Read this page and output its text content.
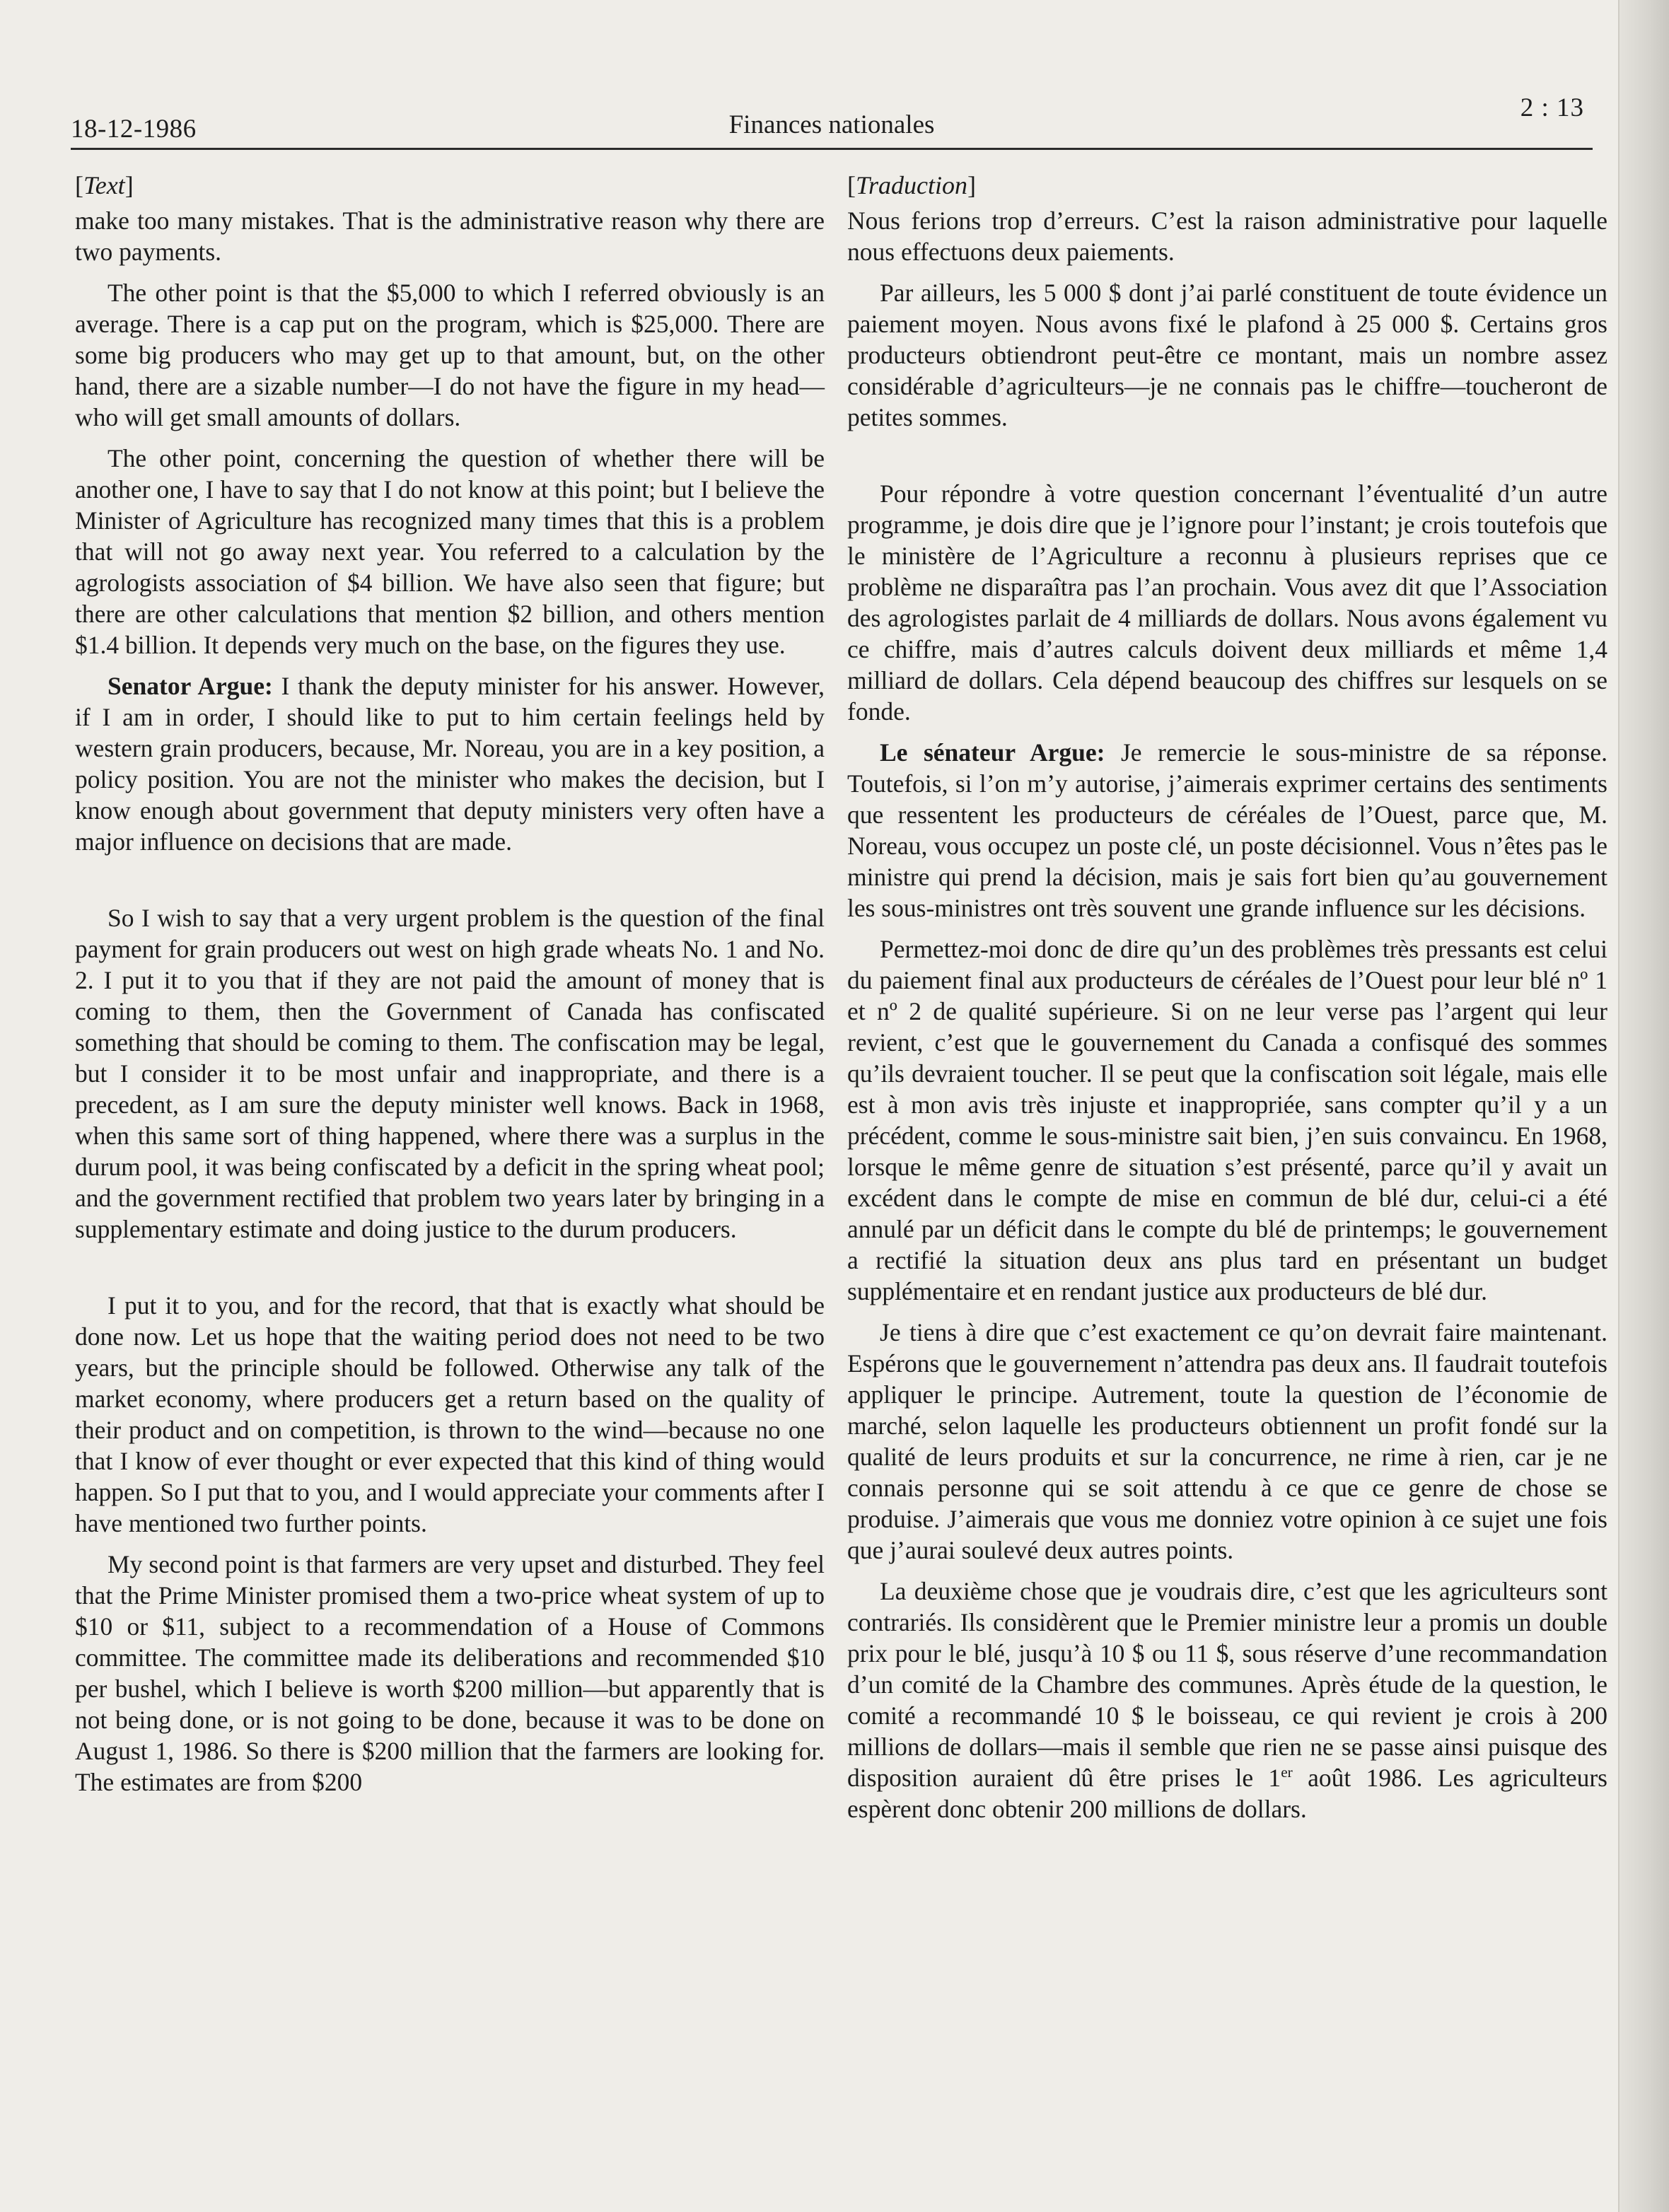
18-12-1986	Finances nationales
2 : 13
[Text]

make too many mistakes. That is the administrative reason why there are two payments.

The other point is that the $5,000 to which I referred obviously is an average. There is a cap put on the program, which is $25,000. There are some big producers who may get up to that amount, but, on the other hand, there are a sizable number—I do not have the figure in my head—who will get small amounts of dollars.

The other point, concerning the question of whether there will be another one, I have to say that I do not know at this point; but I believe the Minister of Agriculture has recognized many times that this is a problem that will not go away next year. You referred to a calculation by the agrologists association of $4 billion. We have also seen that figure; but there are other calculations that mention $2 billion, and others mention $1.4 billion. It depends very much on the base, on the figures they use.

Senator Argue: I thank the deputy minister for his answer. However, if I am in order, I should like to put to him certain feelings held by western grain producers, because, Mr. Noreau, you are in a key position, a policy position. You are not the minister who makes the decision, but I know enough about government that deputy ministers very often have a major influence on decisions that are made.

So I wish to say that a very urgent problem is the question of the final payment for grain producers out west on high grade wheats No. 1 and No. 2. I put it to you that if they are not paid the amount of money that is coming to them, then the Government of Canada has confiscated something that should be coming to them. The confiscation may be legal, but I consider it to be most unfair and inappropriate, and there is a precedent, as I am sure the deputy minister well knows. Back in 1968, when this same sort of thing happened, where there was a surplus in the durum pool, it was being confiscated by a deficit in the spring wheat pool; and the government rectified that problem two years later by bringing in a supplementary estimate and doing justice to the durum producers.

I put it to you, and for the record, that that is exactly what should be done now. Let us hope that the waiting period does not need to be two years, but the principle should be followed. Otherwise any talk of the market economy, where producers get a return based on the quality of their product and on competition, is thrown to the wind—because no one that I know of ever thought or ever expected that this kind of thing would happen. So I put that to you, and I would appreciate your comments after I have mentioned two further points.

My second point is that farmers are very upset and disturbed. They feel that the Prime Minister promised them a two-price wheat system of up to $10 or $11, subject to a recommendation of a House of Commons committee. The committee made its deliberations and recommended $10 per bushel, which I believe is worth $200 million—but apparently that is not being done, or is not going to be done, because it was to be done on August 1, 1986. So there is $200 million that the farmers are looking for. The estimates are from $200

[Traduction]

Nous ferions trop d’erreurs. C’est la raison administrative pour laquelle nous effectuons deux paiements.

Par ailleurs, les 5 000 $ dont j’ai parlé constituent de toute évidence un paiement moyen. Nous avons fixé le plafond à 25 000 $. Certains gros producteurs obtiendront peut-être ce montant, mais un nombre assez considérable d’agriculteurs—je ne connais pas le chiffre—toucheront de petites sommes.

Pour répondre à votre question concernant l’éventualité d’un autre programme, je dois dire que je l’ignore pour l’instant; je crois toutefois que le ministère de l’Agriculture a reconnu à plusieurs reprises que ce problème ne disparaîtra pas l’an prochain. Vous avez dit que l’Association des agrologistes parlait de 4 milliards de dollars. Nous avons également vu ce chiffre, mais d’autres calculs doivent deux milliards et même 1,4 milliard de dollars. Cela dépend beaucoup des chiffres sur lesquels on se fonde.

Le sénateur Argue: Je remercie le sous-ministre de sa réponse. Toutefois, si l’on m’y autorise, j’aimerais exprimer certains des sentiments que ressentent les producteurs de céréales de l’Ouest, parce que, M. Noreau, vous occupez un poste clé, un poste décisionnel. Vous n’êtes pas le ministre qui prend la décision, mais je sais fort bien qu’au gouvernement les sous-ministres ont très souvent une grande influence sur les décisions.

Permettez-moi donc de dire qu’un des problèmes très pressants est celui du paiement final aux producteurs de céréales de l’Ouest pour leur blé nº 1 et nº 2 de qualité supérieure. Si on ne leur verse pas l’argent qui leur revient, c’est que le gouvernement du Canada a confisqué des sommes qu’ils devraient toucher. Il se peut que la confiscation soit légale, mais elle est à mon avis très injuste et inappropriée, sans compter qu’il y a un précédent, comme le sous-ministre sait bien, j’en suis convaincu. En 1968, lorsque le même genre de situation s’est présenté, parce qu’il y avait un excédent dans le compte de mise en commun de blé dur, celui-ci a été annulé par un déficit dans le compte du blé de printemps; le gouvernement a rectifié la situation deux ans plus tard en présentant un budget supplémentaire et en rendant justice aux producteurs de blé dur.

Je tiens à dire que c’est exactement ce qu’on devrait faire maintenant. Espérons que le gouvernement n’attendra pas deux ans. Il faudrait toutefois appliquer le principe. Autrement, toute la question de l’économie de marché, selon laquelle les producteurs obtiennent un profit fondé sur la qualité de leurs produits et sur la concurrence, ne rime à rien, car je ne connais personne qui se soit attendu à ce que ce genre de chose se produise. J’aimerais que vous me donniez votre opinion à ce sujet une fois que j’aurai soulevé deux autres points.

La deuxième chose que je voudrais dire, c’est que les agriculteurs sont contrariés. Ils considèrent que le Premier ministre leur a promis un double prix pour le blé, jusqu’à 10 $ ou 11 $, sous réserve d’une recommandation d’un comité de la Chambre des communes. Après étude de la question, le comité a recommandé 10 $ le boisseau, ce qui revient je crois à 200 millions de dollars—mais il semble que rien ne se passe ainsi puisque des disposition auraient dû être prises le 1er août 1986. Les agriculteurs espèrent donc obtenir 200 millions de dollars.
